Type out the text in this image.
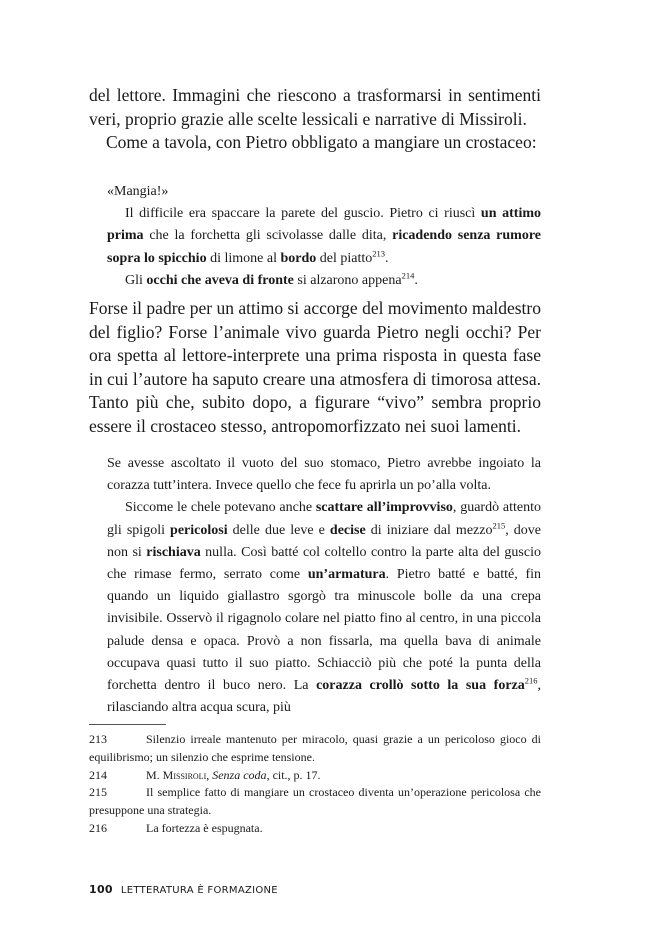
del lettore. Immagini che riescono a trasformarsi in sentimenti veri, proprio grazie alle scelte lessicali e narrative di Missiroli.

Come a tavola, con Pietro obbligato a mangiare un crostaceo:

«Mangia!»

Il difficile era spaccare la parete del guscio. Pietro ci riuscì un attimo prima che la forchetta gli scivolasse dalle dita, ricadendo senza rumore sopra lo spicchio di limone al bordo del piatto$^{213}$.

Gli occhi che aveva di fronte si alzarono appena$^{214}$.

Forse il padre per un attimo si accorge del movimento maldestro del figlio? Forse l’animale vivo guarda Pietro negli occhi? Per ora spetta al lettore-interprete una prima risposta in questa fase in cui l’autore ha saputo creare una atmosfera di timorosa attesa. Tanto più che, subito dopo, a figurare “vivo” sembra proprio essere il crostaceo stesso, antropomorfizzato nei suoi lamenti.

Se avesse ascoltato il vuoto del suo stomaco, Pietro avrebbe ingoiato la corazza tutt’intera. Invece quello che fece fu aprirla un po’alla volta.

Siccome le chele potevano anche scattare all’improvviso, guardò attento gli spigoli pericolosi delle due leve e decise di iniziare dal mezzo$^{215}$, dove non si rischiava nulla. Così batté col coltello contro la parte alta del guscio che rimase fermo, serrato come un’armatura. Pietro batté e batté, fin quando un liquido giallastro sgorgò tra minuscole bolle da una crepa invisibile. Osservò il rigagnolo colare nel piatto fino al centro, in una piccola palude densa e opaca. Provò a non fissarla, ma quella bava di animale occupava quasi tutto il suo piatto. Schiacciò più che poté la punta della forchetta dentro il buco nero. La corazza crollò sotto la sua forza$^{216}$, rilasciando altra acqua scura, più

213	Silenzio irreale mantenuto per miracolo, quasi grazie a un pericoloso gioco di equilibrismo; un silenzio che esprime tensione.

214	M. Missiroli, Senza coda, cit., p. 17.

215	Il semplice fatto di mangiare un crostaceo diventa un’operazione pericolosa che presuppone una strategia.

216	La fortezza è espugnata.

100 LETTERATURA È FORMAZIONE
